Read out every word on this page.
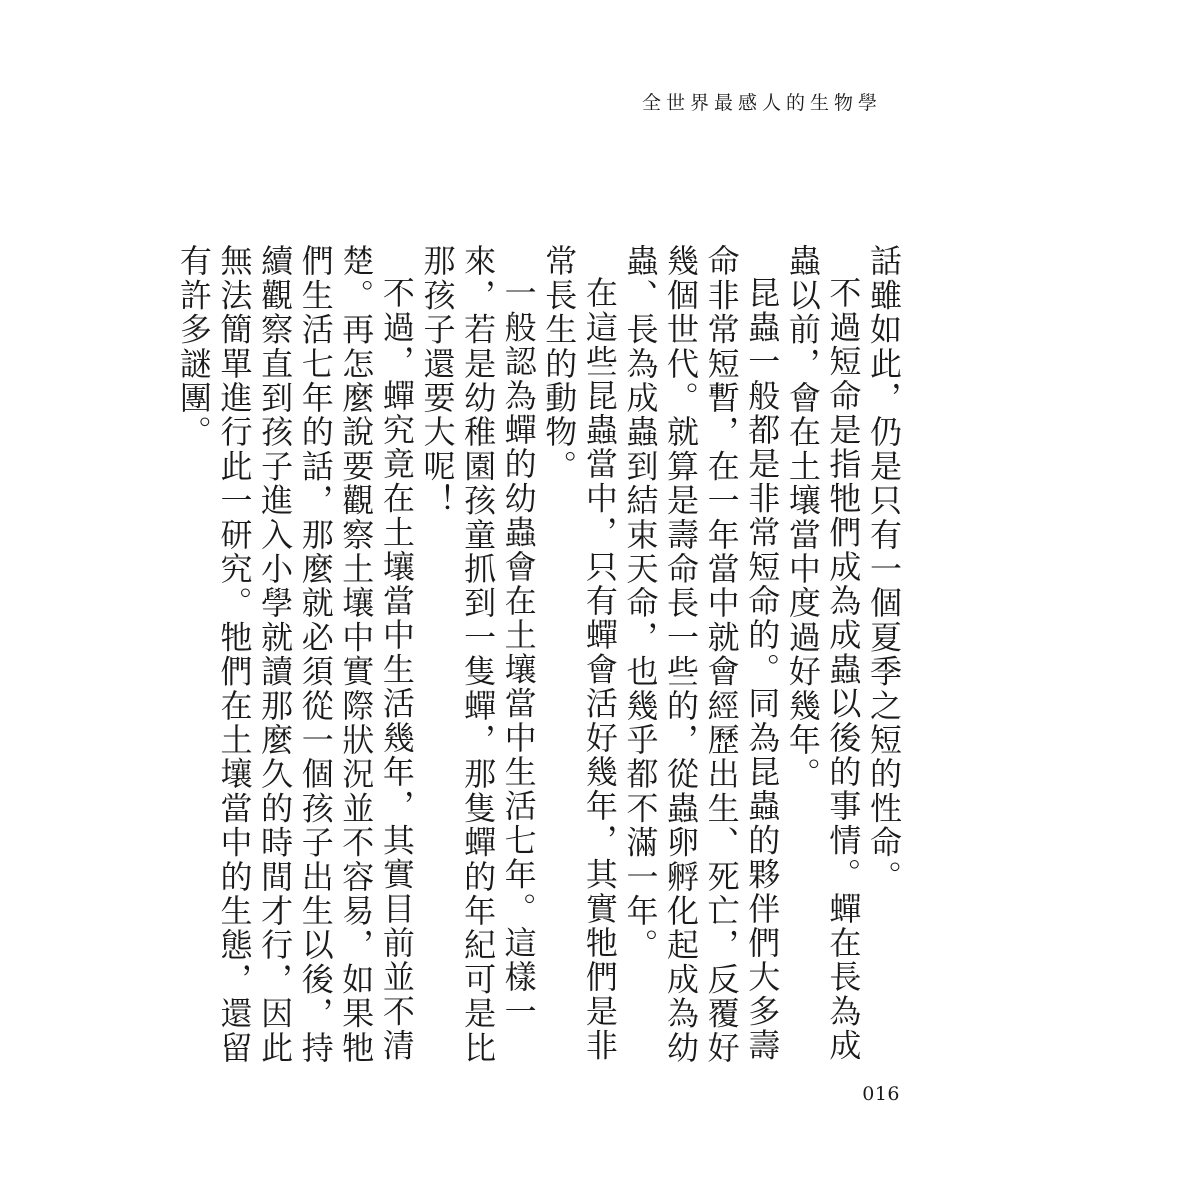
全世界最感人的生物學

話雖如此，仍是只有一個夏季之短的性命。

不過短命是指牠們成為成蟲以後的事情。蟬在長為成蟲以前，會在土壤當中度過好幾年。

昆蟲一般都是非常短命的。同為昆蟲的夥伴們大多壽命非常短暫，在一年當中就會經歷出生、死亡，反覆好幾個世代。就算是壽命長一些的，從蟲卵孵化起成為幼蟲、長為成蟲到結束天命，也幾乎都不滿一年。

在這些昆蟲當中，只有蟬會活好幾年，其實牠們是非常長生的動物。

一般認為蟬的幼蟲會在土壤當中生活七年。這樣一來，若是幼稚園孩童抓到一隻蟬，那隻蟬的年紀可是比那孩子還要大呢！

不過，蟬究竟在土壤當中生活幾年，其實目前並不清楚。再怎麼說要觀察土壤中實際狀況並不容易，如果牠們生活七年的話，那麼就必須從一個孩子出生以後，持續觀察直到孩子進入小學就讀那麼久的時間才行，因此無法簡單進行此一研究。牠們在土壤當中的生態，還留有許多謎團。

016
